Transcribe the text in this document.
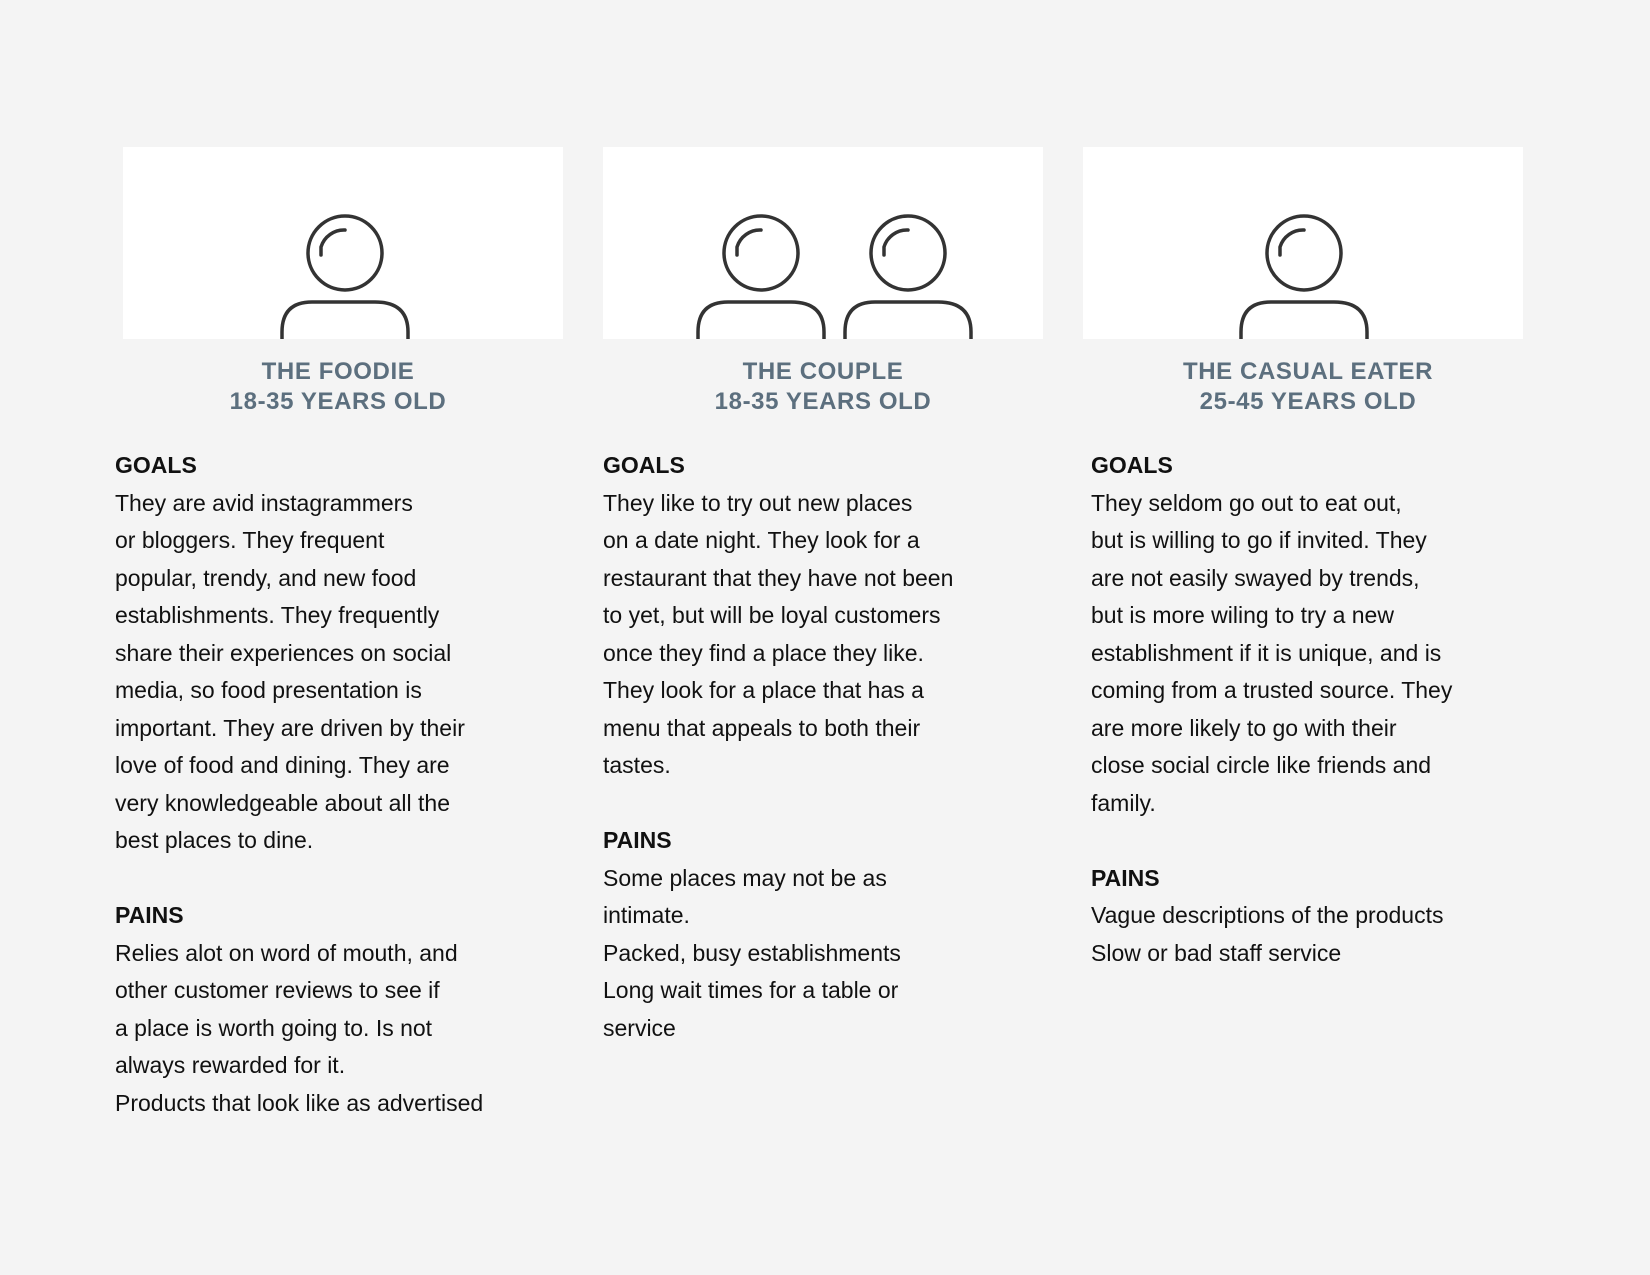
THE FOODIE
18-35 YEARS OLD
GOALS
They are avid instagrammers
or bloggers. They frequent
popular, trendy, and new food
establishments. They frequently
share their experiences on social
media, so food presentation is
important. They are driven by their
love of food and dining. They are
very knowledgeable about all the
best places to dine.
PAINS
Relies alot on word of mouth, and
other customer reviews to see if
a place is worth going to. Is not
always rewarded for it.
Products that look like as advertised
THE COUPLE
18-35 YEARS OLD
GOALS
They like to try out new places
on a date night. They look for a
restaurant that they have not been
to yet, but will be loyal customers
once they find a place they like.
They look for a place that has a
menu that appeals to both their
tastes.
PAINS
Some places may not be as
intimate.
Packed, busy establishments
Long wait times for a table or
service
THE CASUAL EATER
25-45 YEARS OLD
GOALS
They seldom go out to eat out,
but is willing to go if invited. They
are not easily swayed by trends,
but is more wiling to try a new
establishment if it is unique, and is
coming from a trusted source. They
are more likely to go with their
close social circle like friends and
family.
PAINS
Vague descriptions of the products
Slow or bad staff service
